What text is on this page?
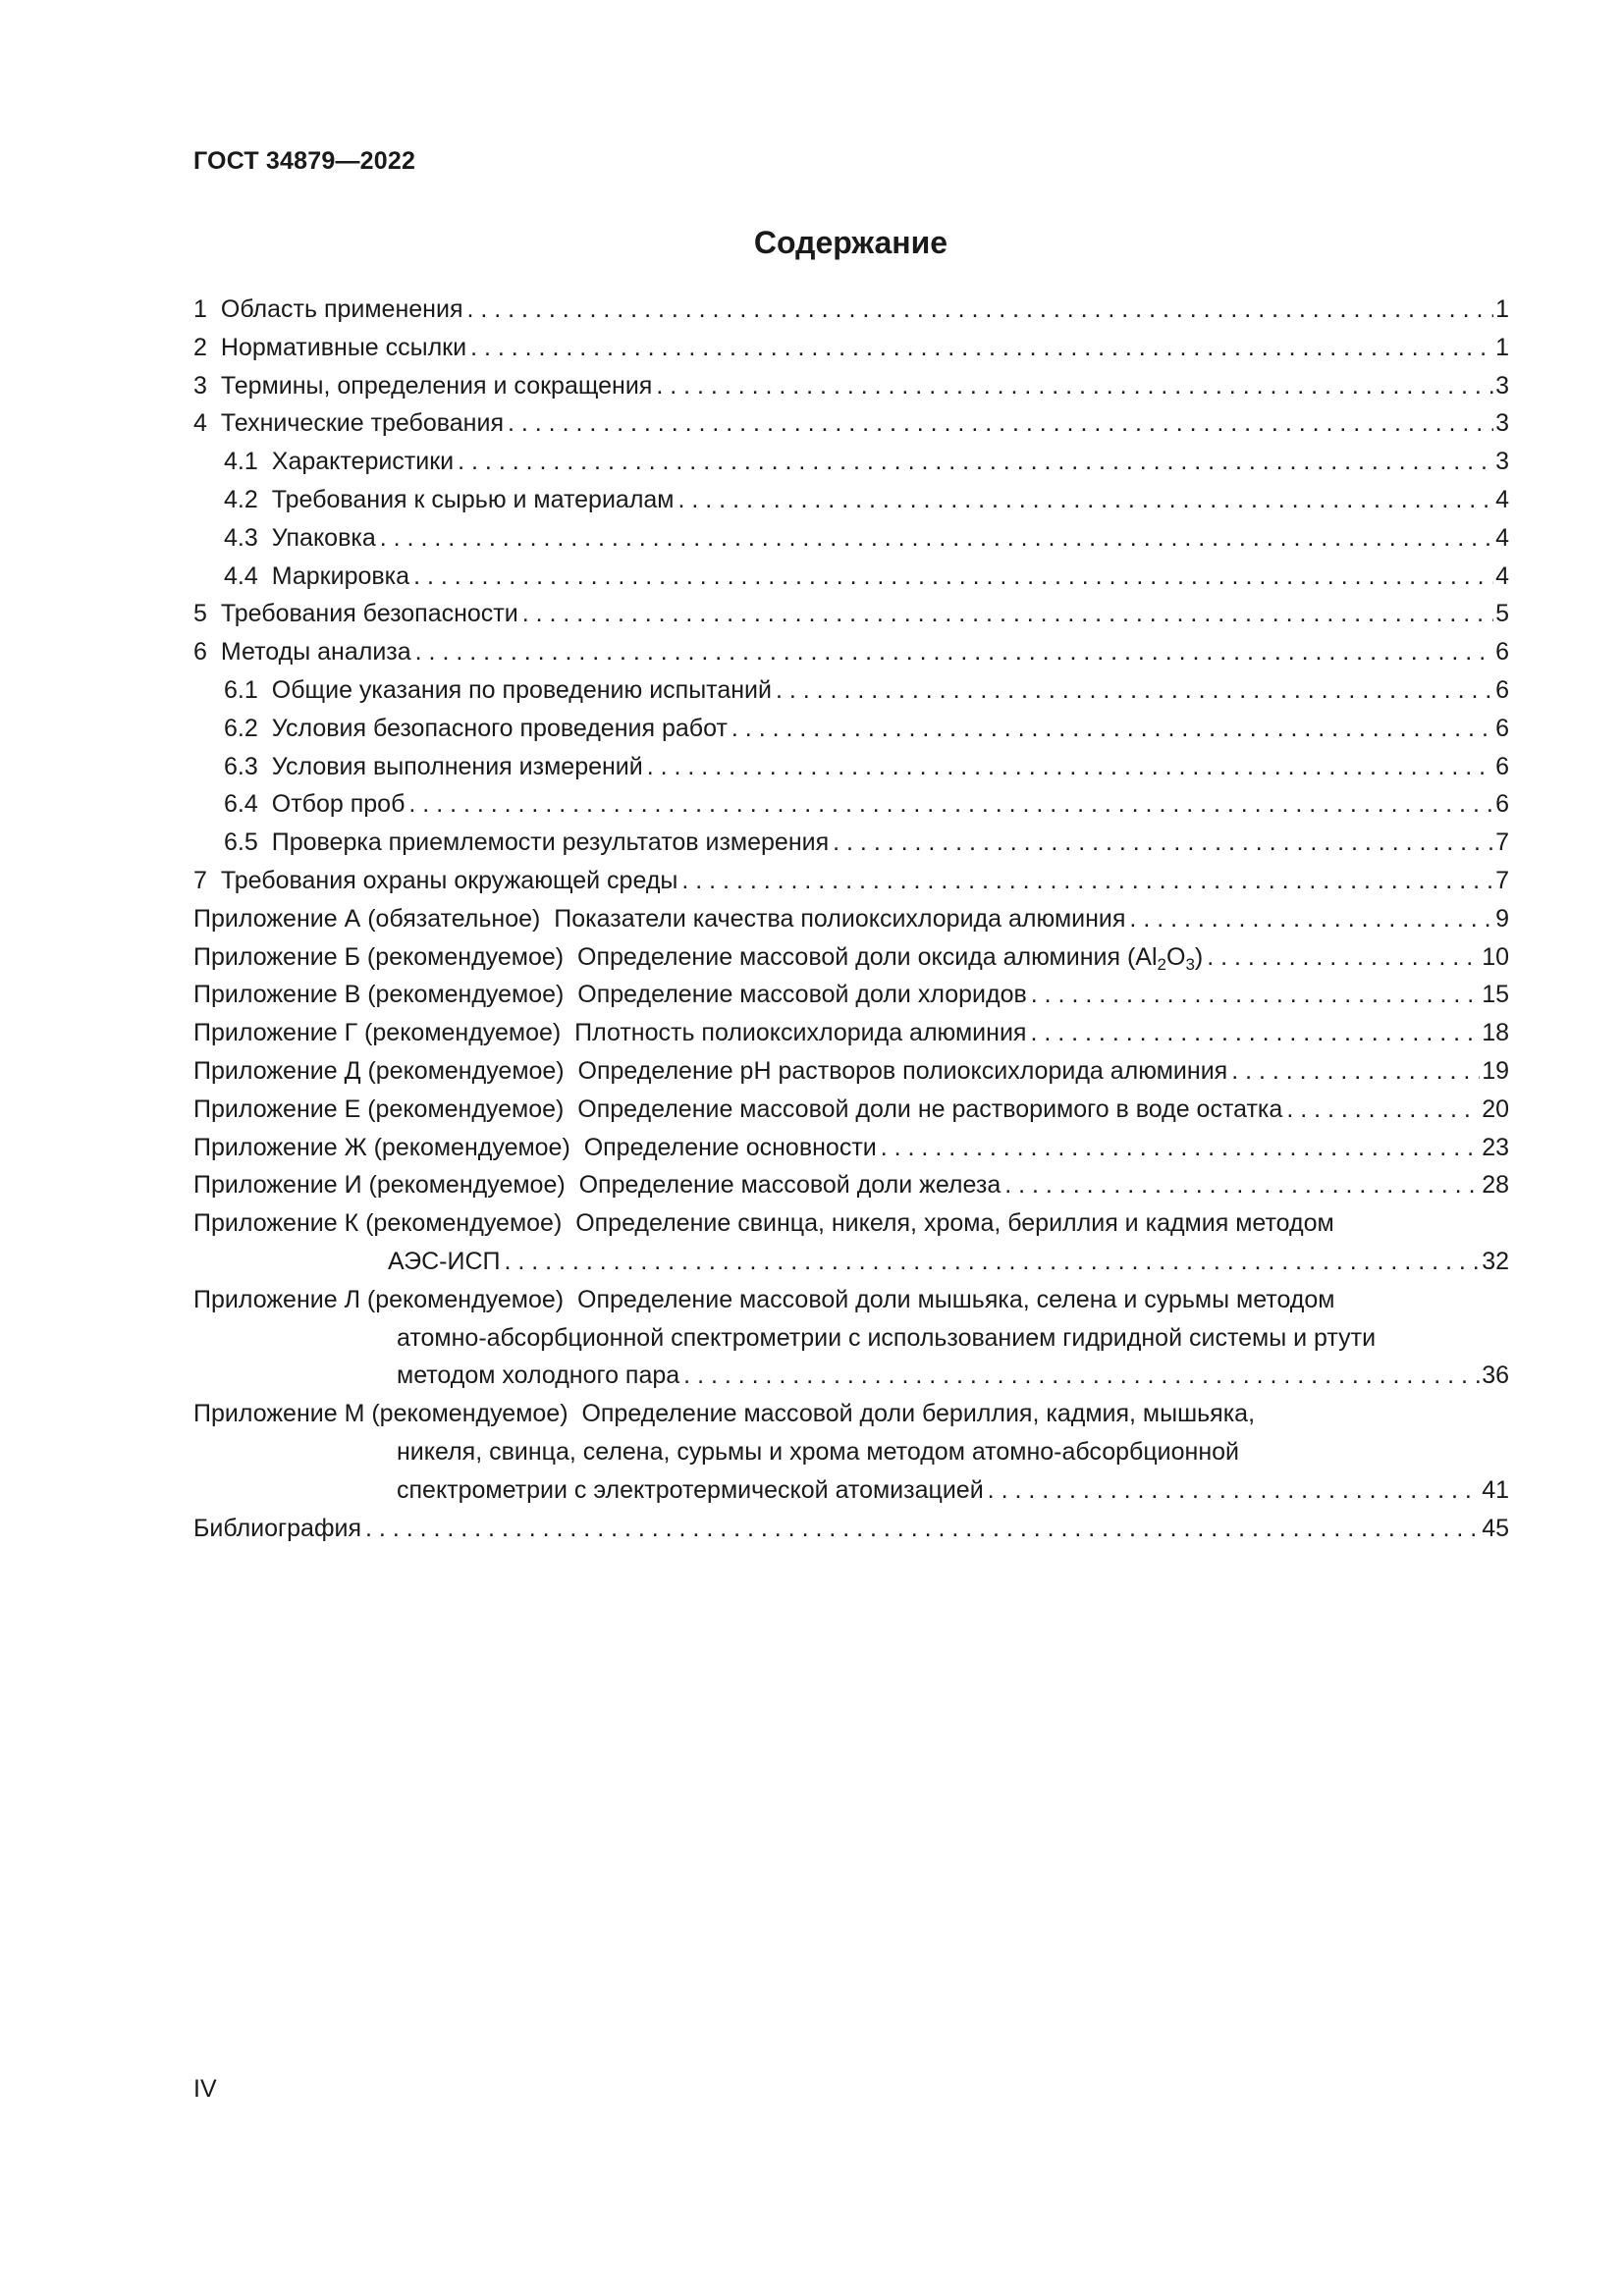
ГОСТ 34879—2022
Содержание
1 Область применения . . .	1
2 Нормативные ссылки . . .	1
3 Термины, определения и сокращения . . .	3
4 Технические требования . . .	3
4.1 Характеристики . . .	3
4.2 Требования к сырью и материалам . . .	4
4.3 Упаковка . . .	4
4.4 Маркировка . . .	4
5 Требования безопасности . . .	5
6 Методы анализа . . .	6
6.1 Общие указания по проведению испытаний . . .	6
6.2 Условия безопасного проведения работ . . .	6
6.3 Условия выполнения измерений . . .	6
6.4 Отбор проб . . .	6
6.5 Проверка приемлемости результатов измерения . . .	7
7 Требования охраны окружающей среды . . .	7
Приложение А (обязательное) Показатели качества полиоксихлорида алюминия . . .	9
Приложение Б (рекомендуемое) Определение массовой доли оксида алюминия $(Al_2O_3)$ . . .	10
Приложение В (рекомендуемое) Определение массовой доли хлоридов . . .	15
Приложение Г (рекомендуемое) Плотность полиоксихлорида алюминия . . .	18
Приложение Д (рекомендуемое) Определение pH растворов полиоксихлорида алюминия . . .	19
Приложение Е (рекомендуемое) Определение массовой доли не растворимого в воде остатка . . .	20
Приложение Ж (рекомендуемое) Определение основности . . .	23
Приложение И (рекомендуемое) Определение массовой доли железа . . .	28
Приложение К (рекомендуемое) Определение свинца, никеля, хрома, бериллия и кадмия методом
АЭС-ИСП . . .	32
Приложение Л (рекомендуемое) Определение массовой доли мышьяка, селена и сурьмы методом
атомно-абсорбционной спектрометрии с использованием гидридной системы и ртути
методом холодного пара . . .	36
Приложение М (рекомендуемое) Определение массовой доли бериллия, кадмия, мышьяка,
никеля, свинца, селена, сурьмы и хрома методом атомно-абсорбционной
спектрометрии с электротермической атомизацией . . .	41
Библиография . . .	45
IV
